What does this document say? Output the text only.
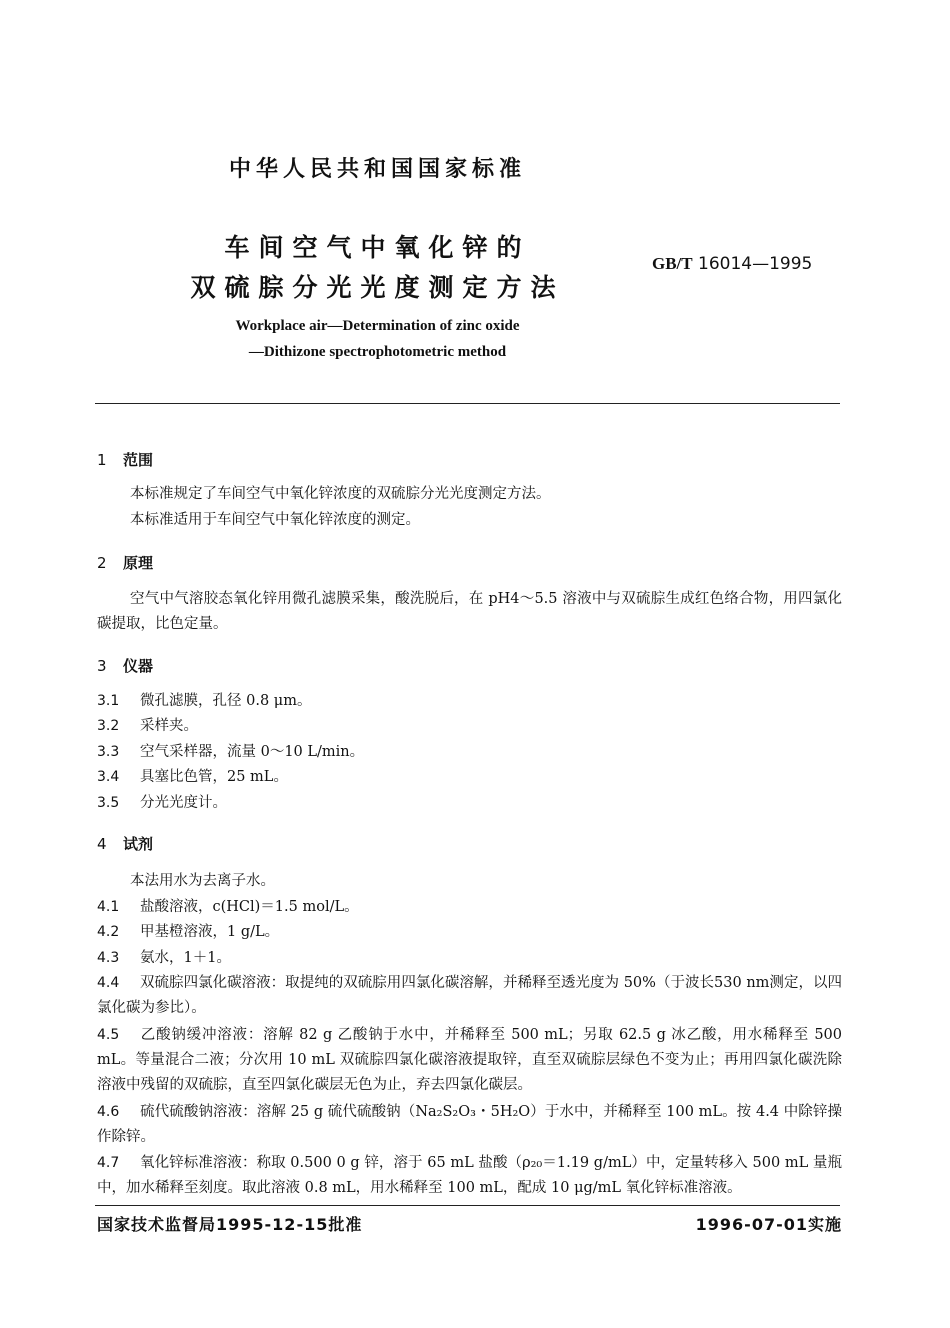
中华人民共和国国家标准
车间空气中氧化锌的
双硫腙分光光度测定方法
GB/T 16014—1995
Workplace air—Determination of zinc oxide
—Dithizone spectrophotometric method
1 范围
本标准规定了车间空气中氧化锌浓度的双硫腙分光光度测定方法。
本标准适用于车间空气中氧化锌浓度的测定。
2 原理
空气中气溶胶态氧化锌用微孔滤膜采集，酸洗脱后，在 pH4～5.5 溶液中与双硫腙生成红色络合物，用四氯化碳提取，比色定量。
3 仪器
3.1 微孔滤膜，孔径 0.8 μm。
3.2 采样夹。
3.3 空气采样器，流量 0～10 L/min。
3.4 具塞比色管，25 mL。
3.5 分光光度计。
4 试剂
本法用水为去离子水。
4.1 盐酸溶液，c(HCl)＝1.5 mol/L。
4.2 甲基橙溶液，1 g/L。
4.3 氨水，1＋1。
4.4 双硫腙四氯化碳溶液：取提纯的双硫腙用四氯化碳溶解，并稀释至透光度为 50%（于波长530 nm测定，以四氯化碳为参比）。
4.5 乙酸钠缓冲溶液：溶解 82 g 乙酸钠于水中，并稀释至 500 mL；另取 62.5 g 冰乙酸，用水稀释至 500 mL。等量混合二液；分次用 10 mL 双硫腙四氯化碳溶液提取锌，直至双硫腙层绿色不变为止；再用四氯化碳洗除溶液中残留的双硫腙，直至四氯化碳层无色为止，弃去四氯化碳层。
4.6 硫代硫酸钠溶液：溶解 25 g 硫代硫酸钠（Na₂S₂O₃・5H₂O）于水中，并稀释至 100 mL。按 4.4 中除锌操作除锌。
4.7 氧化锌标准溶液：称取 0.500 0 g 锌，溶于 65 mL 盐酸（ρ₂₀＝1.19 g/mL）中，定量转移入 500 mL 量瓶中，加水稀释至刻度。取此溶液 0.8 mL，用水稀释至 100 mL，配成 10 μg/mL 氧化锌标准溶液。
国家技术监督局1995-12-15批准	1996-07-01实施
